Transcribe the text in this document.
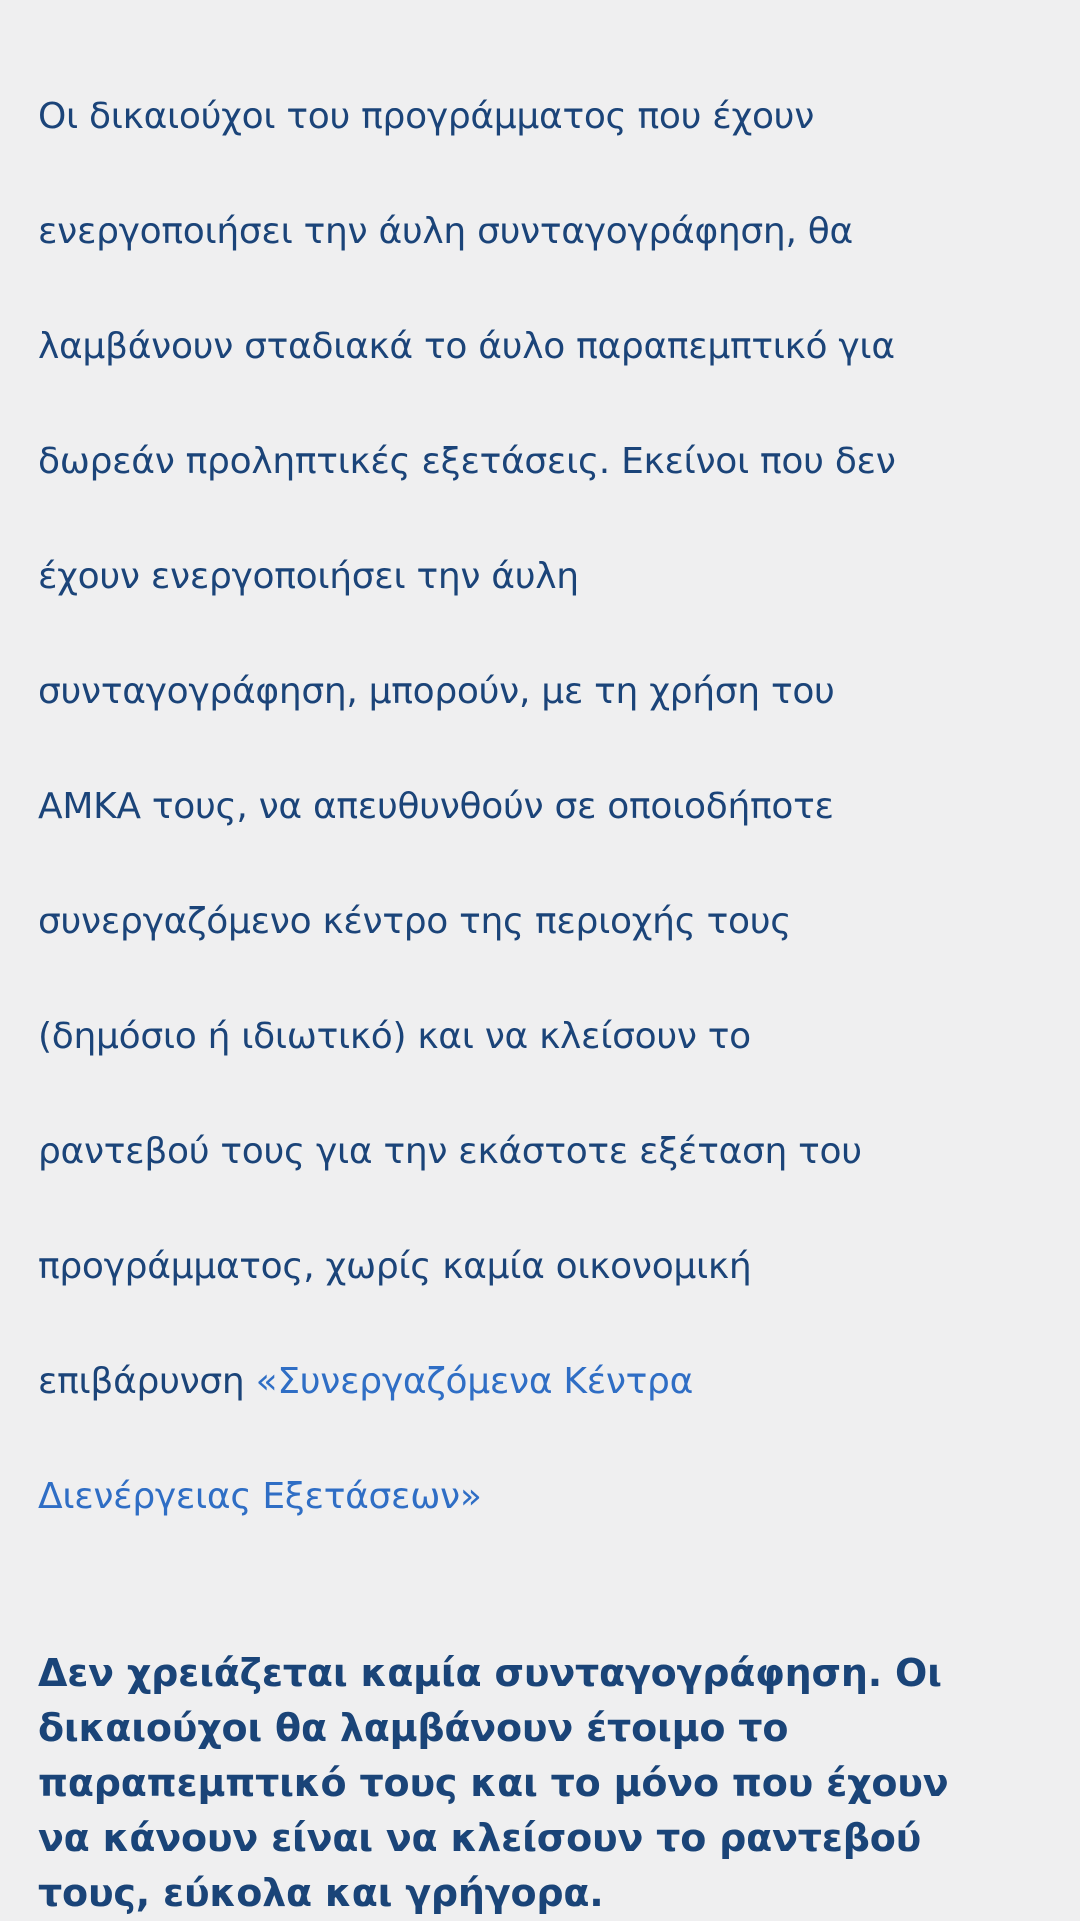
Οι δικαιούχοι του προγράμματος που έχουν

ενεργοποιήσει την άυλη συνταγογράφηση, θα

λαμβάνουν σταδιακά το άυλο παραπεμπτικό για

δωρεάν προληπτικές εξετάσεις. Εκείνοι που δεν

έχουν ενεργοποιήσει την άυλη

συνταγογράφηση, μπορούν, με τη χρήση του

ΑΜΚΑ τους, να απευθυνθούν σε οποιοδήποτε

συνεργαζόμενο κέντρο της περιοχής τους

(δημόσιο ή ιδιωτικό) και να κλείσουν το

ραντεβού τους για την εκάστοτε εξέταση του

προγράμματος, χωρίς καμία οικονομική

επιβάρυνση «Συνεργαζόμενα Κέντρα

Διενέργειας Εξετάσεων»

Δεν χρειάζεται καμία συνταγογράφηση. Οι
δικαιούχοι θα λαμβάνουν έτοιμο το
παραπεμπτικό τους και το μόνο που έχουν
να κάνουν είναι να κλείσουν το ραντεβού
τους, εύκολα και γρήγορα.
